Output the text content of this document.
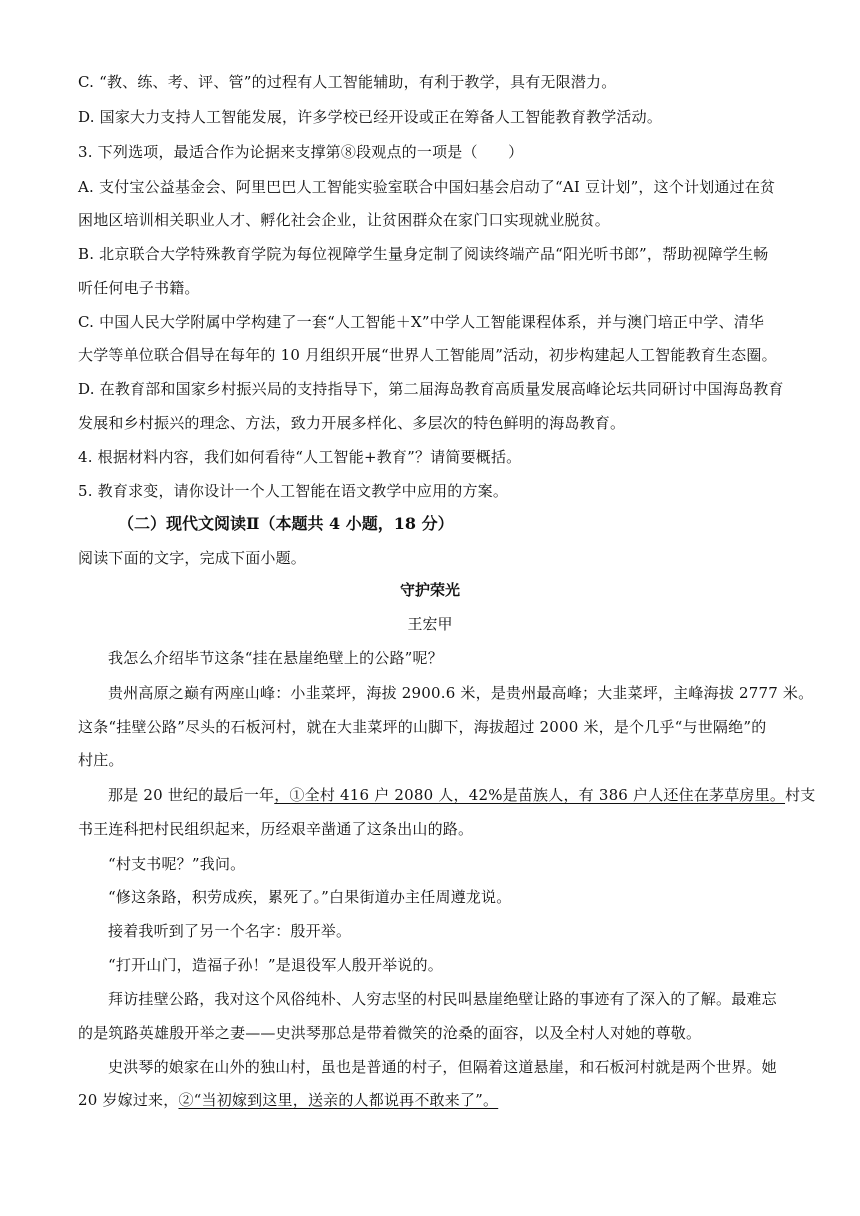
C. “教、练、考、评、管”的过程有人工智能辅助，有利于教学，具有无限潜力。
D. 国家大力支持人工智能发展，许多学校已经开设或正在筹备人工智能教育教学活动。
3. 下列选项，最适合作为论据来支撑第⑧段观点的一项是（　　）
A. 支付宝公益基金会、阿里巴巴人工智能实验室联合中国妇基会启动了“AI 豆计划”，这个计划通过在贫
困地区培训相关职业人才、孵化社会企业，让贫困群众在家门口实现就业脱贫。
B. 北京联合大学特殊教育学院为每位视障学生量身定制了阅读终端产品“阳光听书郎”，帮助视障学生畅
听任何电子书籍。
C. 中国人民大学附属中学构建了一套“人工智能＋X”中学人工智能课程体系，并与澳门培正中学、清华
大学等单位联合倡导在每年的 10 月组织开展“世界人工智能周”活动，初步构建起人工智能教育生态圈。
D. 在教育部和国家乡村振兴局的支持指导下，第二届海岛教育高质量发展高峰论坛共同研讨中国海岛教育
发展和乡村振兴的理念、方法，致力开展多样化、多层次的特色鲜明的海岛教育。
4. 根据材料内容，我们如何看待“人工智能+教育”？请简要概括。
5. 教育求变，请你设计一个人工智能在语文教学中应用的方案。
（二）现代文阅读Ⅱ（本题共 4 小题，18 分）
阅读下面的文字，完成下面小题。
守护荣光
王宏甲
我怎么介绍毕节这条“挂在悬崖绝壁上的公路”呢？
贵州高原之巅有两座山峰：小韭菜坪，海拔 2900.6 米，是贵州最高峰；大韭菜坪，主峰海拔 2777 米。
这条“挂壁公路”尽头的石板河村，就在大韭菜坪的山脚下，海拔超过 2000 米，是个几乎“与世隔绝”的
村庄。
那是 20 世纪的最后一年，①全村 416 户 2080 人，42%是苗族人，有 386 户人还住在茅草房里。村支
书王连科把村民组织起来，历经艰辛凿通了这条出山的路。
“村支书呢？”我问。
“修这条路，积劳成疾，累死了。”白果街道办主任周遵龙说。
接着我听到了另一个名字：殷开举。
“打开山门，造福子孙！”是退役军人殷开举说的。
拜访挂壁公路，我对这个风俗纯朴、人穷志坚的村民叫悬崖绝壁让路的事迹有了深入的了解。最难忘
的是筑路英雄殷开举之妻——史洪琴那总是带着微笑的沧桑的面容，以及全村人对她的尊敬。
史洪琴的娘家在山外的独山村，虽也是普通的村子，但隔着这道悬崖，和石板河村就是两个世界。她
20 岁嫁过来，②“当初嫁到这里，送亲的人都说再不敢来了”。
